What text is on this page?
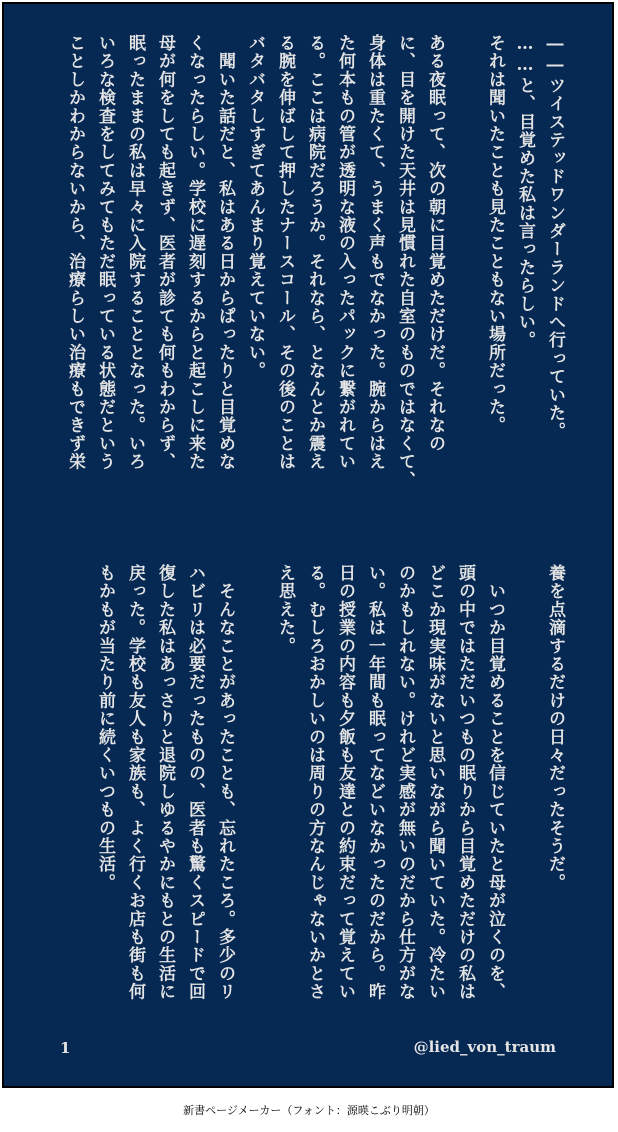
――ツイステッドワンダーランドへ行っていた。
……と、目覚めた私は言ったらしい。
それは聞いたことも見たこともない場所だった。

ある夜眠って、次の朝に目覚めただけだ。それなの
に、目を開けた天井は見慣れた自室のものではなくて、
身体は重たくて、うまく声もでなかった。腕からはえ
た何本もの管が透明な液の入ったパックに繋がれてい
る。ここは病院だろうか。それなら、となんとか震え
る腕を伸ばして押したナースコール、その後のことは
バタバタしすぎてあんまり覚えていない。
　聞いた話だと、私はある日からぱったりと目覚めな
くなったらしい。学校に遅刻するからと起こしに来た
母が何をしても起きず、医者が診ても何もわからず、
眠ったままの私は早々に入院することとなった。いろ
いろな検査をしてみてもただ眠っている状態だという
ことしかわからないから、治療らしい治療もできず栄
養を点滴するだけの日々だったそうだ。

　いつか目覚めることを信じていたと母が泣くのを、
頭の中ではただいつもの眠りから目覚めただけの私は
どこか現実味がないと思いながら聞いていた。冷たい
のかもしれない。けれど実感が無いのだから仕方がな
い。私は一年間も眠ってなどいなかったのだから。昨
日の授業の内容も夕飯も友達との約束だって覚えてい
る。むしろおかしいのは周りの方なんじゃないかとさ
え思えた。

　そんなことがあったことも、忘れたころ。多少のリ
ハビリは必要だったものの、医者も驚くスピードで回
復した私はあっさりと退院しゆるやかにもとの生活に
戻った。学校も友人も家族も、よく行くお店も街も何
もかもが当たり前に続くいつもの生活。
1	@lied_von_traum
新書ページメーカー（フォント：源暎こぶり明朝）
